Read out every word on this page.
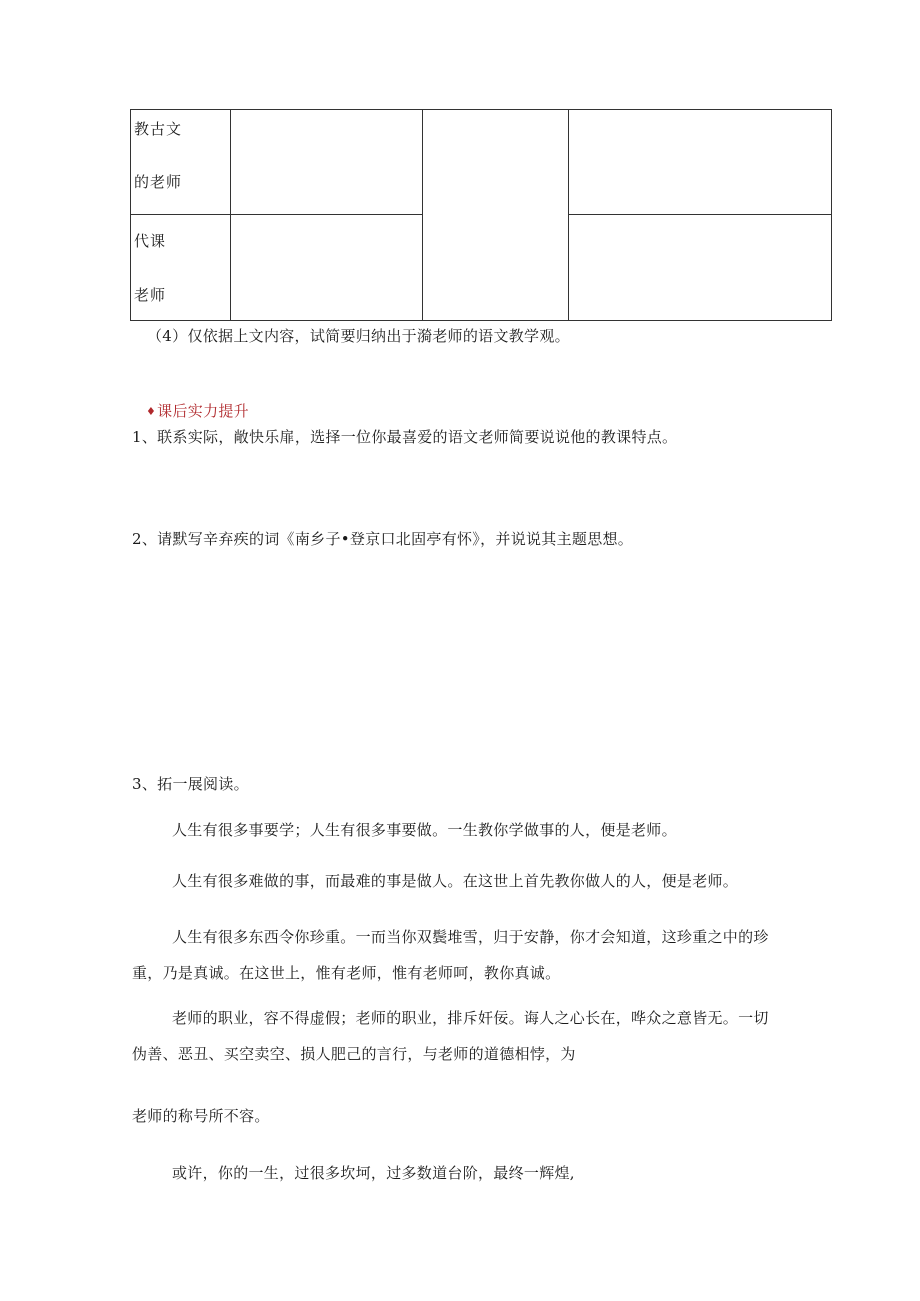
教古文
的老师
代课
老师
（4）仅依据上文内容，试简要归纳出于漪老师的语文教学观。
♦课后实力提升
1、联系实际，敞快乐扉，选择一位你最喜爱的语文老师简要说说他的教课特点。
2、请默写辛弃疾的词《南乡子•登京口北固亭有怀》，并说说其主题思想。
3、拓一展阅读。
人生有很多事要学；人生有很多事要做。一生教你学做事的人，便是老师。
人生有很多难做的事，而最难的事是做人。在这世上首先教你做人的人，便是老师。
人生有很多东西令你珍重。一而当你双鬓堆雪，归于安静，你才会知道，这珍重之中的珍
重，乃是真诚。在这世上，惟有老师，惟有老师呵，教你真诚。
老师的职业，容不得虚假；老师的职业，排斥奸佞。诲人之心长在，哗众之意皆无。一切
伪善、恶丑、买空卖空、损人肥己的言行，与老师的道德相悖，为
老师的称号所不容。
或许，你的一生，过很多坎坷，过多数道台阶，最终一辉煌,
